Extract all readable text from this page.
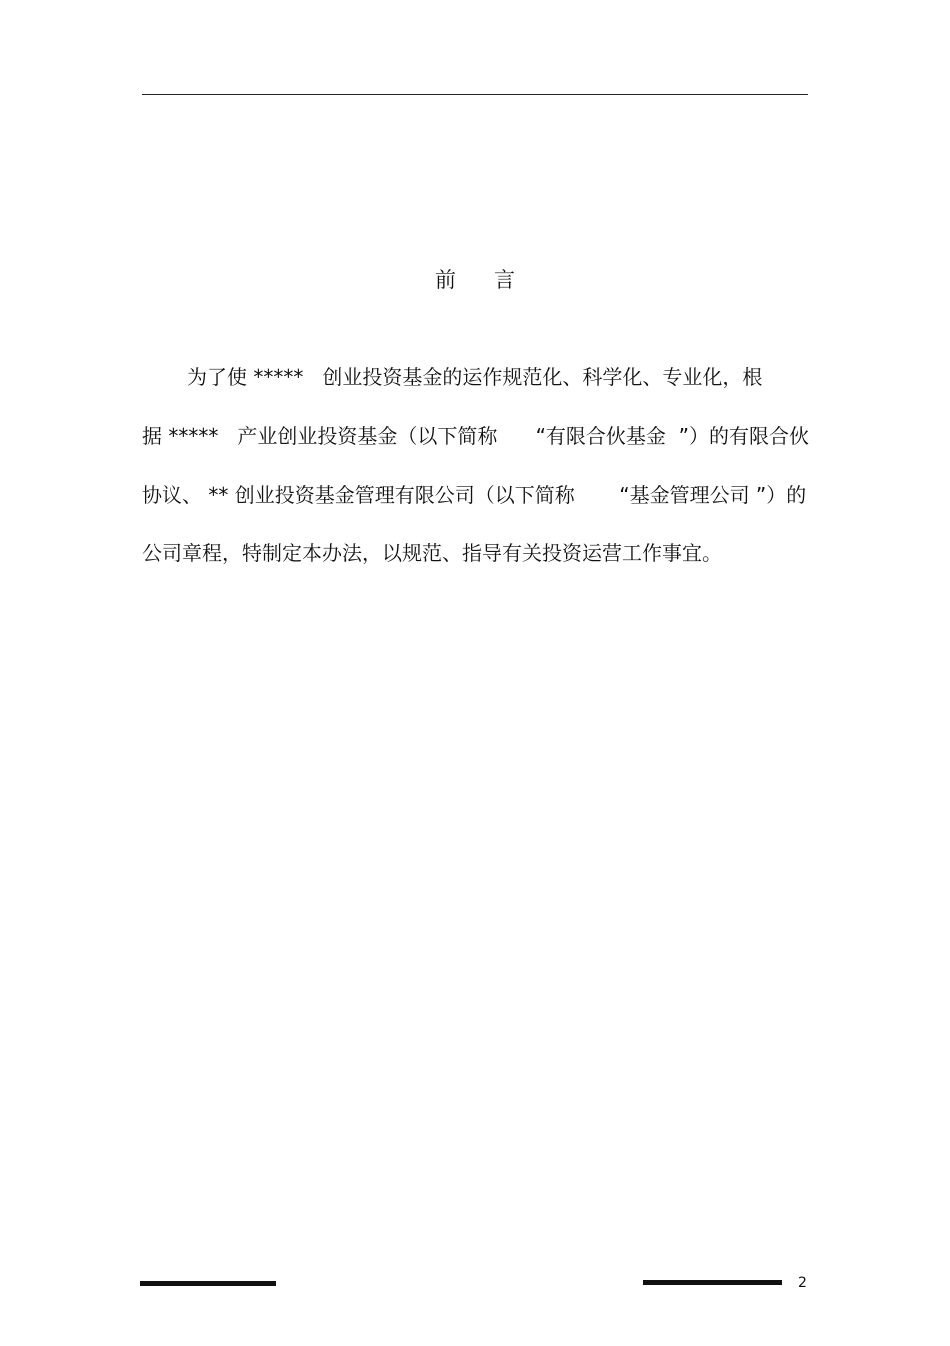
前言
为了使 *****   创业投资基金的运作规范化、科学化、专业化，根
据 *****   产业创业投资基金（以下简称      “有限合伙基金  ”）的有限合伙
协议、 ** 创业投资基金管理有限公司（以下简称       “基金管理公司 ”）的
公司章程，特制定本办法，以规范、指导有关投资运营工作事宜。
2
